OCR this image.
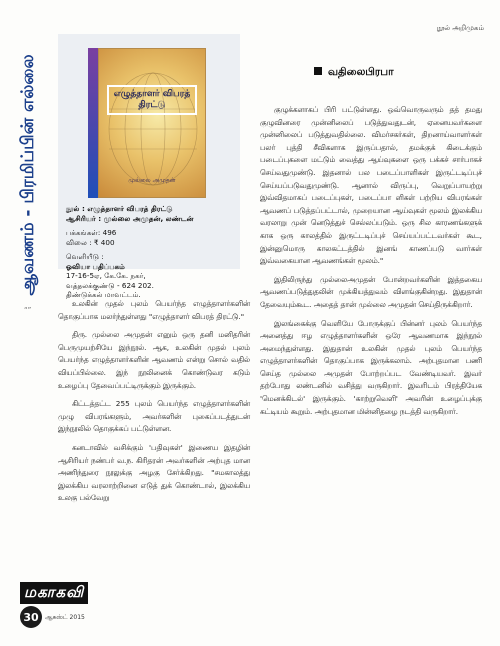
நூல் அறிமுகம்
ஆவணம் - பிரமிப்பின் எல்லை	எழுத்தாளர் விபரத் திரட்டு
முல்லை அமுதன்
நூல் : எழுத்தாளர் விபரத் திரட்டு
ஆசிரியர் : முல்லை அமுதன், லண்டன்
பக்கங்கள்: 496
விலை : ₹ 400
வெளியீடு :
ஓவியா பதிப்பகம்
17-16-5ஏ, கே.கே. நகர்,
வத்தலக்குண்டு - 624 202.
திண்டுக்கல் மாவட்டம்.
வதிலைபிரபா

குழுக்களாகப் பிரி பட்டுள்ளது. ஒவ்வொருவரும் தத் தமது குழுவினரை முன்னிலைப் படுத்துவதுடன், ஏனையவர்களை முன்னிலைப் படுத்துவதில்லை. விமர்சகர்கள், திறனாய்வாளர்கள் பலர் புத்தி சீவிகளாக இருப்பதால், தமக்குக் கிடைக்கும் படைப்புகளை மட்டும் வைத்து ஆய்வுகளை ஒரு பக்கச் சார்பாகச் செய்வதுமுண்டு. இதனால் பல படைப்பாளிகள் இருட்டடிப்புச் செய்யப்படுவதுமுண்டு. ஆனால் விருப்பு, வெறுப்பாயற்று இவ்விதமாகப் படைப்புகள், படைப்பா ளிகள் பற்றிய விபரங்கள் ஆவணப் படுத்தப்பட்டால், முறையான ஆய்வுகள் மூலம் இலக்கிய வரலாறு முன் னெடுத்துச் செல்லப்படும். ஒரு சில காரணங்களுக் காக ஒரு காலத்தில் இருட்டடிப்புச் செய்யப்பட்டவர்கள் கூட, இன்னுமொரு காலகட்டத்தில் இனங் காணப்படு வார்கள் இவ்வகையான ஆவணங்கள் மூலம்."

இதிலிருந்து முல்லைஅமுதன் போன்றவர்களின் இத்தகைய ஆவணப்படுத்துதலின் முக்கியத்துவம் விளங்குகின்றது. இதுதான் தேவையும்கூட. அதைத் தான் முல்லை அமுதன் செய்திருக்கிறார்.

இலங்கைக்கு வெளியே போருக்குப் பின்னர் புலம் பெயர்ந்த அனைத்து ஈழ எழுத்தாளர்களின் ஒரே ஆவணமாக இந்நூல் அமைந்துள்ளது. இதுதான் உலகின் முதல் புலம் பெயர்ந்த எழுத்தாளர்களின் தொகுப்பாக இருக்கலாம். அற்புதமான பணி செய்த முல்லை அமுதன் போற்றப்பட வேண்டியவர். இவர் தற்போது லண்டனில் வசித்து வருகிறார். இவரிடம் பிரத்தியேக 'மெனக்கிடல்' இருக்கும். 'காற்றுவெளி' அவரின் உழைப்புக்கு கட்டியம் கூறும். அற்புதமான மின்னிதழை நடத்தி வருகிறார்.

“”

உலகின் முதல் புலம் பெயர்ந்த எழுத்தாளர்களின் தொகுப்பாக மலர்ந்துள்ளது "எழுத்தாளர் விபரத் திரட்டு."

திரு. முல்லை அமுதன் எனும் ஒரு தனி மனிதரின் பெருமுயற்சியே இந்நூல். ஆக, உலகின் முதல் புலம் பெயர்ந்த எழுத்தாளர்களின் ஆவணம் என்று சொல் வதில் வியப்பில்லை. இந் நூலினைக் கொண்டுவர கடும் உழைப்பு தேவைப்பட்டிருக்கும் இருக்கும்.

கிட்டத்தட்ட 255 புலம் பெயர்ந்த எழுத்தாளர்களின் முழு விபரங்களும், அவர்களின் புகைப்படத்துடன் இந்நூலில் தொகுக்கப் பட்டுள்ளன.

கனடாவில் வசிக்கும் 'பதிவுகள்' இணைய இதழின் ஆசிரியர் நண்பர் வ.ந. கிரிதரன் அவர்களின் அற்புத மான அணிந்துரை நூலுக்கு அழகு சேர்க்கிறது. "சமகாலத்து இலக்கிய வரலாற்றினை எடுத் துக் கொண்டால், இலக்கிய உலகு பல்வேறு

மகாகவி
30	ஆகஸ்ட் 2015
